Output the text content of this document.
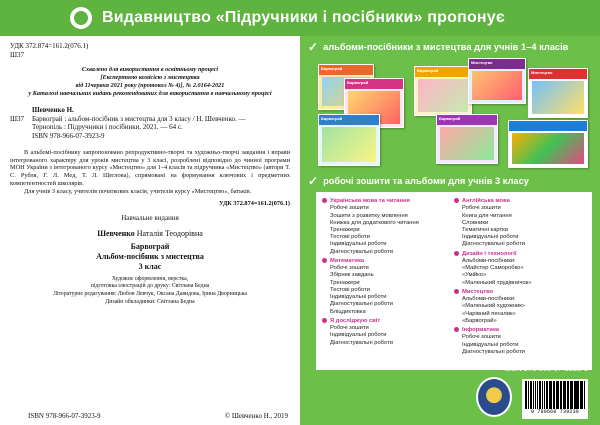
Видавництво «Підручники і посібники» пропонує
УДК 372.874=161.2(076.1)
Ш37
Схвалено для використання в освітньому процесі
[Експертною комісією з мистецтва
від 11червня 2021 року (протокол № 4)], № 2.0164-2021
у Каталозі навчальних видань рекомендованих для використання в навчальному процесі
Ш37
Шевченко Н.
Барвограй : альбом-посібник з мистецтва для 3 класу / Н. Шевченко. —
Тернопіль : Підручники і посібники, 2021. — 64 с.
ISBN 978-966-07-3923-9
В альбомі-посібнику запропоновано репродуктивно-творчі та художньо-творчі завдання і вправи інтегрованого характеру для уроків мистецтва у 3 класі, розроблені відповідно до чинної програми МОН України з інтегрованого курсу «Мистецтво» для 1–4 класів та підручника «Мистецтво» (автори Т. С. Рубля, Г. Л. Мед, Т. Л. Щеглова), спрямовані на формування ключових і предметних компетентностей школярів.
Для учнів 3 класу, учителів початкових класів, учителів курсу «Мистецтво», батьків.
УДК 372.874=161.2(076.1)
Навчальне видання
Шевченко Наталія Теодорівна
Барвограй
Альбом-посібник з мистецтва
3 клас
Художнє оформлення, верстка,
підготовка ілюстрацій до друку: Світлана Бедна
Літературне редагування: Любов Левчук, Оксана Давидова, Ірина Дворницька
Дизайн обкладинки: Світлана Бедна
ISBN 978-966-07-3923-9	© Шевченко Н., 2019
✓ альбоми-посібники з мистецтва для учнів 1–4 класів
Барвограй
Барвограй
Барвограй
Барвограй
Мистецтво
Мистецтво
Барвограй
✓ робочі зошити та альбоми для учнів 3 класу
Українська мова та читання
Робочі зошити
Зошити з розвитку мовлення
Книжка для додаткового читання
Тренажери
Тестові роботи
Індивідуальні роботи
Діагностувальні роботи
Математика
Робочі зошити
Збірник завдань
Тренажери
Тестові роботи
Індивідуальні роботи
Діагностувальні роботи
Бліцдиктовка
Я досліджую світ
Робочі зошити
Індивідуальні роботи
Діагностувальні роботи
Англійська мова
Робочі зошити
Книга для читання
Словники
Тематичні картки
Індивідуальні роботи
Діагностувальні роботи
Дизайн і технології
Альбоми-посібники:
«Майстер Саморобко»
«Умійко»
«Маленький трудівничок»
Мистецтво
Альбоми-посібники:
«Маленький художник»
«Чарівний пензлик»
«Барвограй»
Інформатика
Робочі зошити
Індивідуальні роботи
Діагностувальні роботи
ISBN 978-966-07-3923-9
9 789660 739239
